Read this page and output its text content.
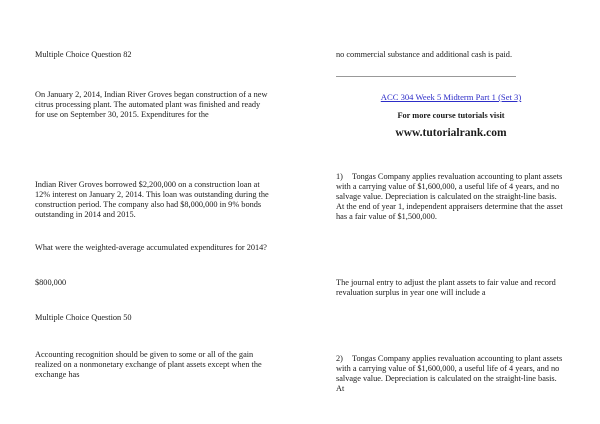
Multiple Choice Question 82

On January 2, 2014, Indian River Groves began construction of a new citrus processing plant. The automated plant was finished and ready for use on September 30, 2015. Expenditures for the

Indian River Groves borrowed $2,200,000 on a construction loan at 12% interest on January 2, 2014. This loan was outstanding during the construction period. The company also had $8,000,000 in 9% bonds outstanding in 2014 and 2015.

What were the weighted-average accumulated expenditures for 2014?

$800,000

Multiple Choice Question 50

Accounting recognition should be given to some or all of the gain realized on a nonmonetary exchange of plant assets except when the exchange has

no commercial substance and additional cash is paid.

ACC 304 Week 5 Midterm Part 1 (Set 3)

For more course tutorials visit

www.tutorialrank.com

1) Tongas Company applies revaluation accounting to plant assets with a carrying value of $1,600,000, a useful life of 4 years, and no salvage value. Depreciation is calculated on the straight-line basis. At the end of year 1, independent appraisers determine that the asset has a fair value of $1,500,000.

The journal entry to adjust the plant assets to fair value and record revaluation surplus in year one will include a

2) Tongas Company applies revaluation accounting to plant assets with a carrying value of $1,600,000, a useful life of 4 years, and no salvage value. Depreciation is calculated on the straight-line basis. At
